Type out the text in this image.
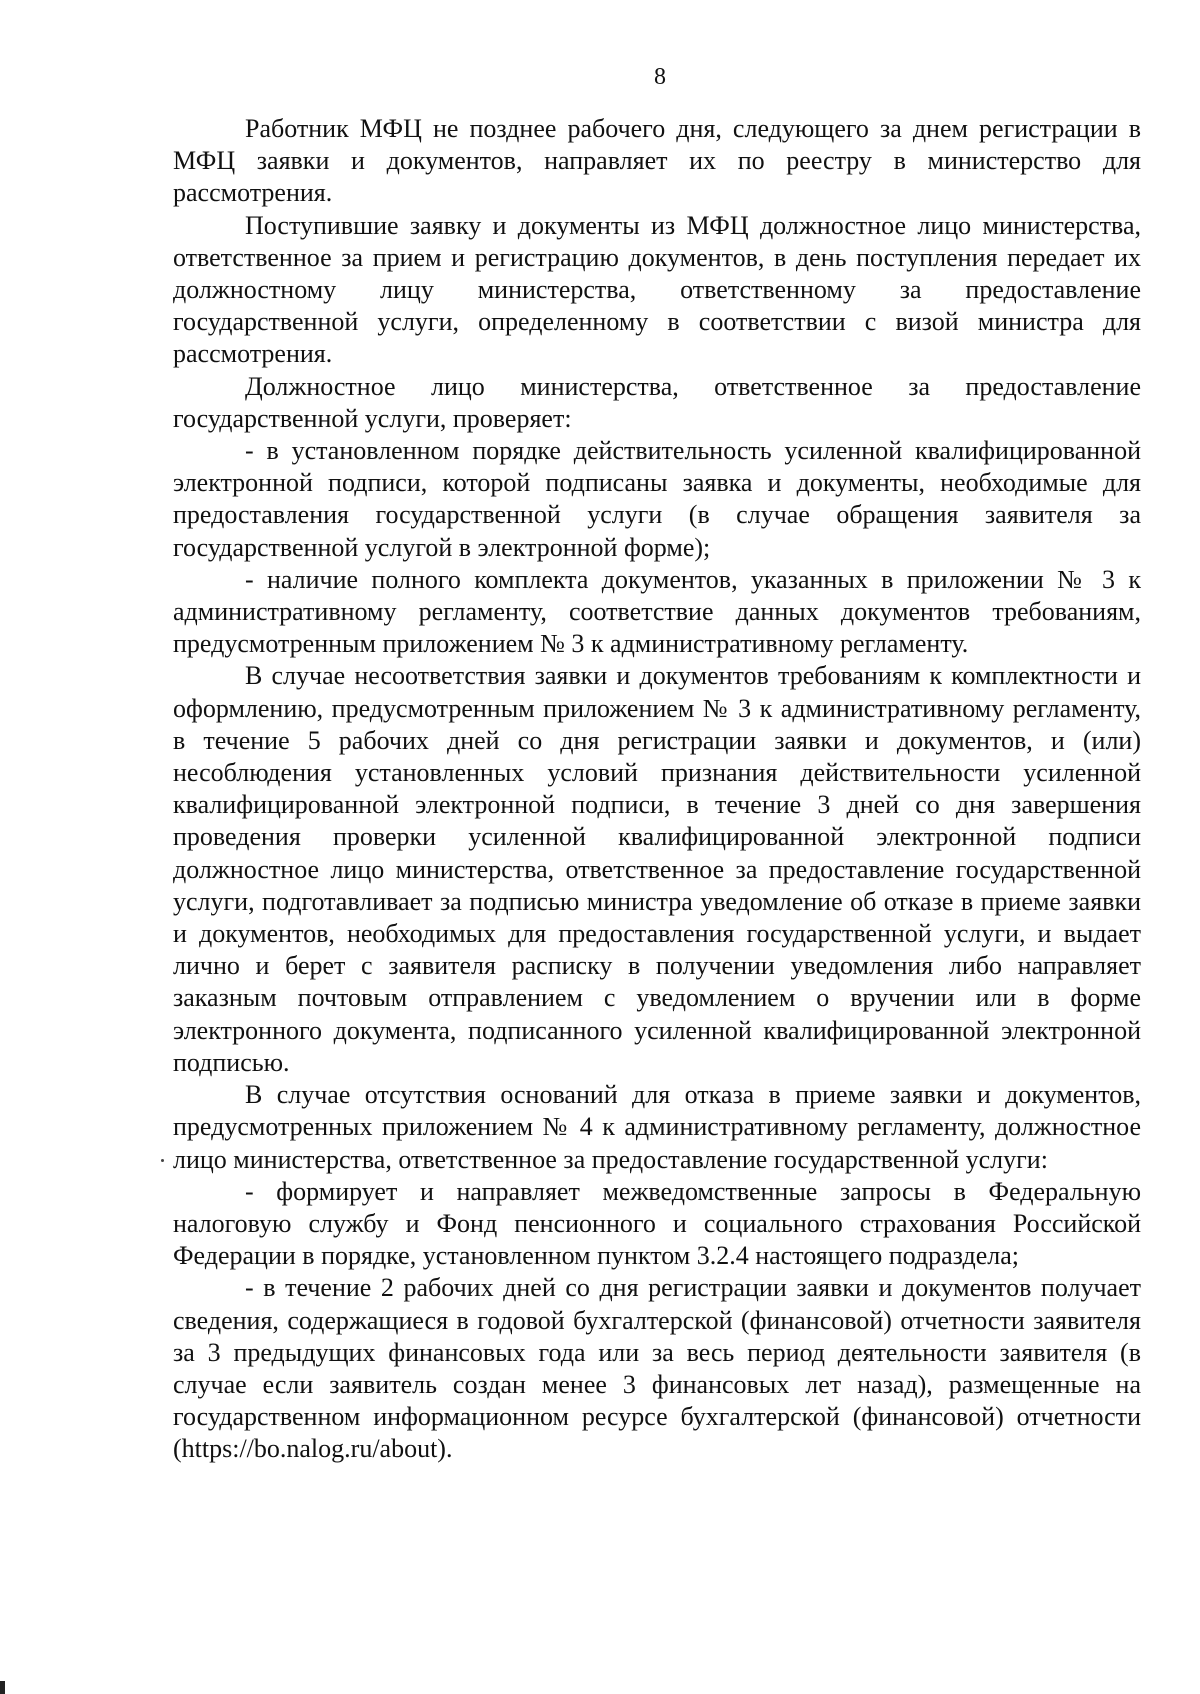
8

Работник МФЦ не позднее рабочего дня, следующего за днем регистрации в МФЦ заявки и документов, направляет их по реестру в министерство для рассмотрения.

Поступившие заявку и документы из МФЦ должностное лицо министерства, ответственное за прием и регистрацию документов, в день поступления передает их должностному лицу министерства, ответственному за предоставление государственной услуги, определенному в соответствии с визой министра для рассмотрения.

Должностное лицо министерства, ответственное за предоставление государственной услуги, проверяет:

- в установленном порядке действительность усиленной квалифицированной электронной подписи, которой подписаны заявка и документы, необходимые для предоставления государственной услуги (в случае обращения заявителя за государственной услугой в электронной форме);

- наличие полного комплекта документов, указанных в приложении № 3 к административному регламенту, соответствие данных документов требованиям, предусмотренным приложением № 3 к административному регламенту.

В случае несоответствия заявки и документов требованиям к комплектности и оформлению, предусмотренным приложением № 3 к административному регламенту, в течение 5 рабочих дней со дня регистрации заявки и документов, и (или) несоблюдения установленных условий признания действительности усиленной квалифицированной электронной подписи, в течение 3 дней со дня завершения проведения проверки усиленной квалифицированной электронной подписи должностное лицо министерства, ответственное за предоставление государственной услуги, подготавливает за подписью министра уведомление об отказе в приеме заявки и документов, необходимых для предоставления государственной услуги, и выдает лично и берет с заявителя расписку в получении уведомления либо направляет заказным почтовым отправлением с уведомлением о вручении или в форме электронного документа, подписанного усиленной квалифицированной электронной подписью.

В случае отсутствия оснований для отказа в приеме заявки и документов, предусмотренных приложением № 4 к административному регламенту, должностное лицо министерства, ответственное за предоставление государственной услуги:

- формирует и направляет межведомственные запросы в Федеральную налоговую службу и Фонд пенсионного и социального страхования Российской Федерации в порядке, установленном пунктом 3.2.4 настоящего подраздела;

- в течение 2 рабочих дней со дня регистрации заявки и документов получает сведения, содержащиеся в годовой бухгалтерской (финансовой) отчетности заявителя за 3 предыдущих финансовых года или за весь период деятельности заявителя (в случае если заявитель создан менее 3 финансовых лет назад), размещенные на государственном информационном ресурсе бухгалтерской (финансовой) отчетности (https://bo.nalog.ru/about).
